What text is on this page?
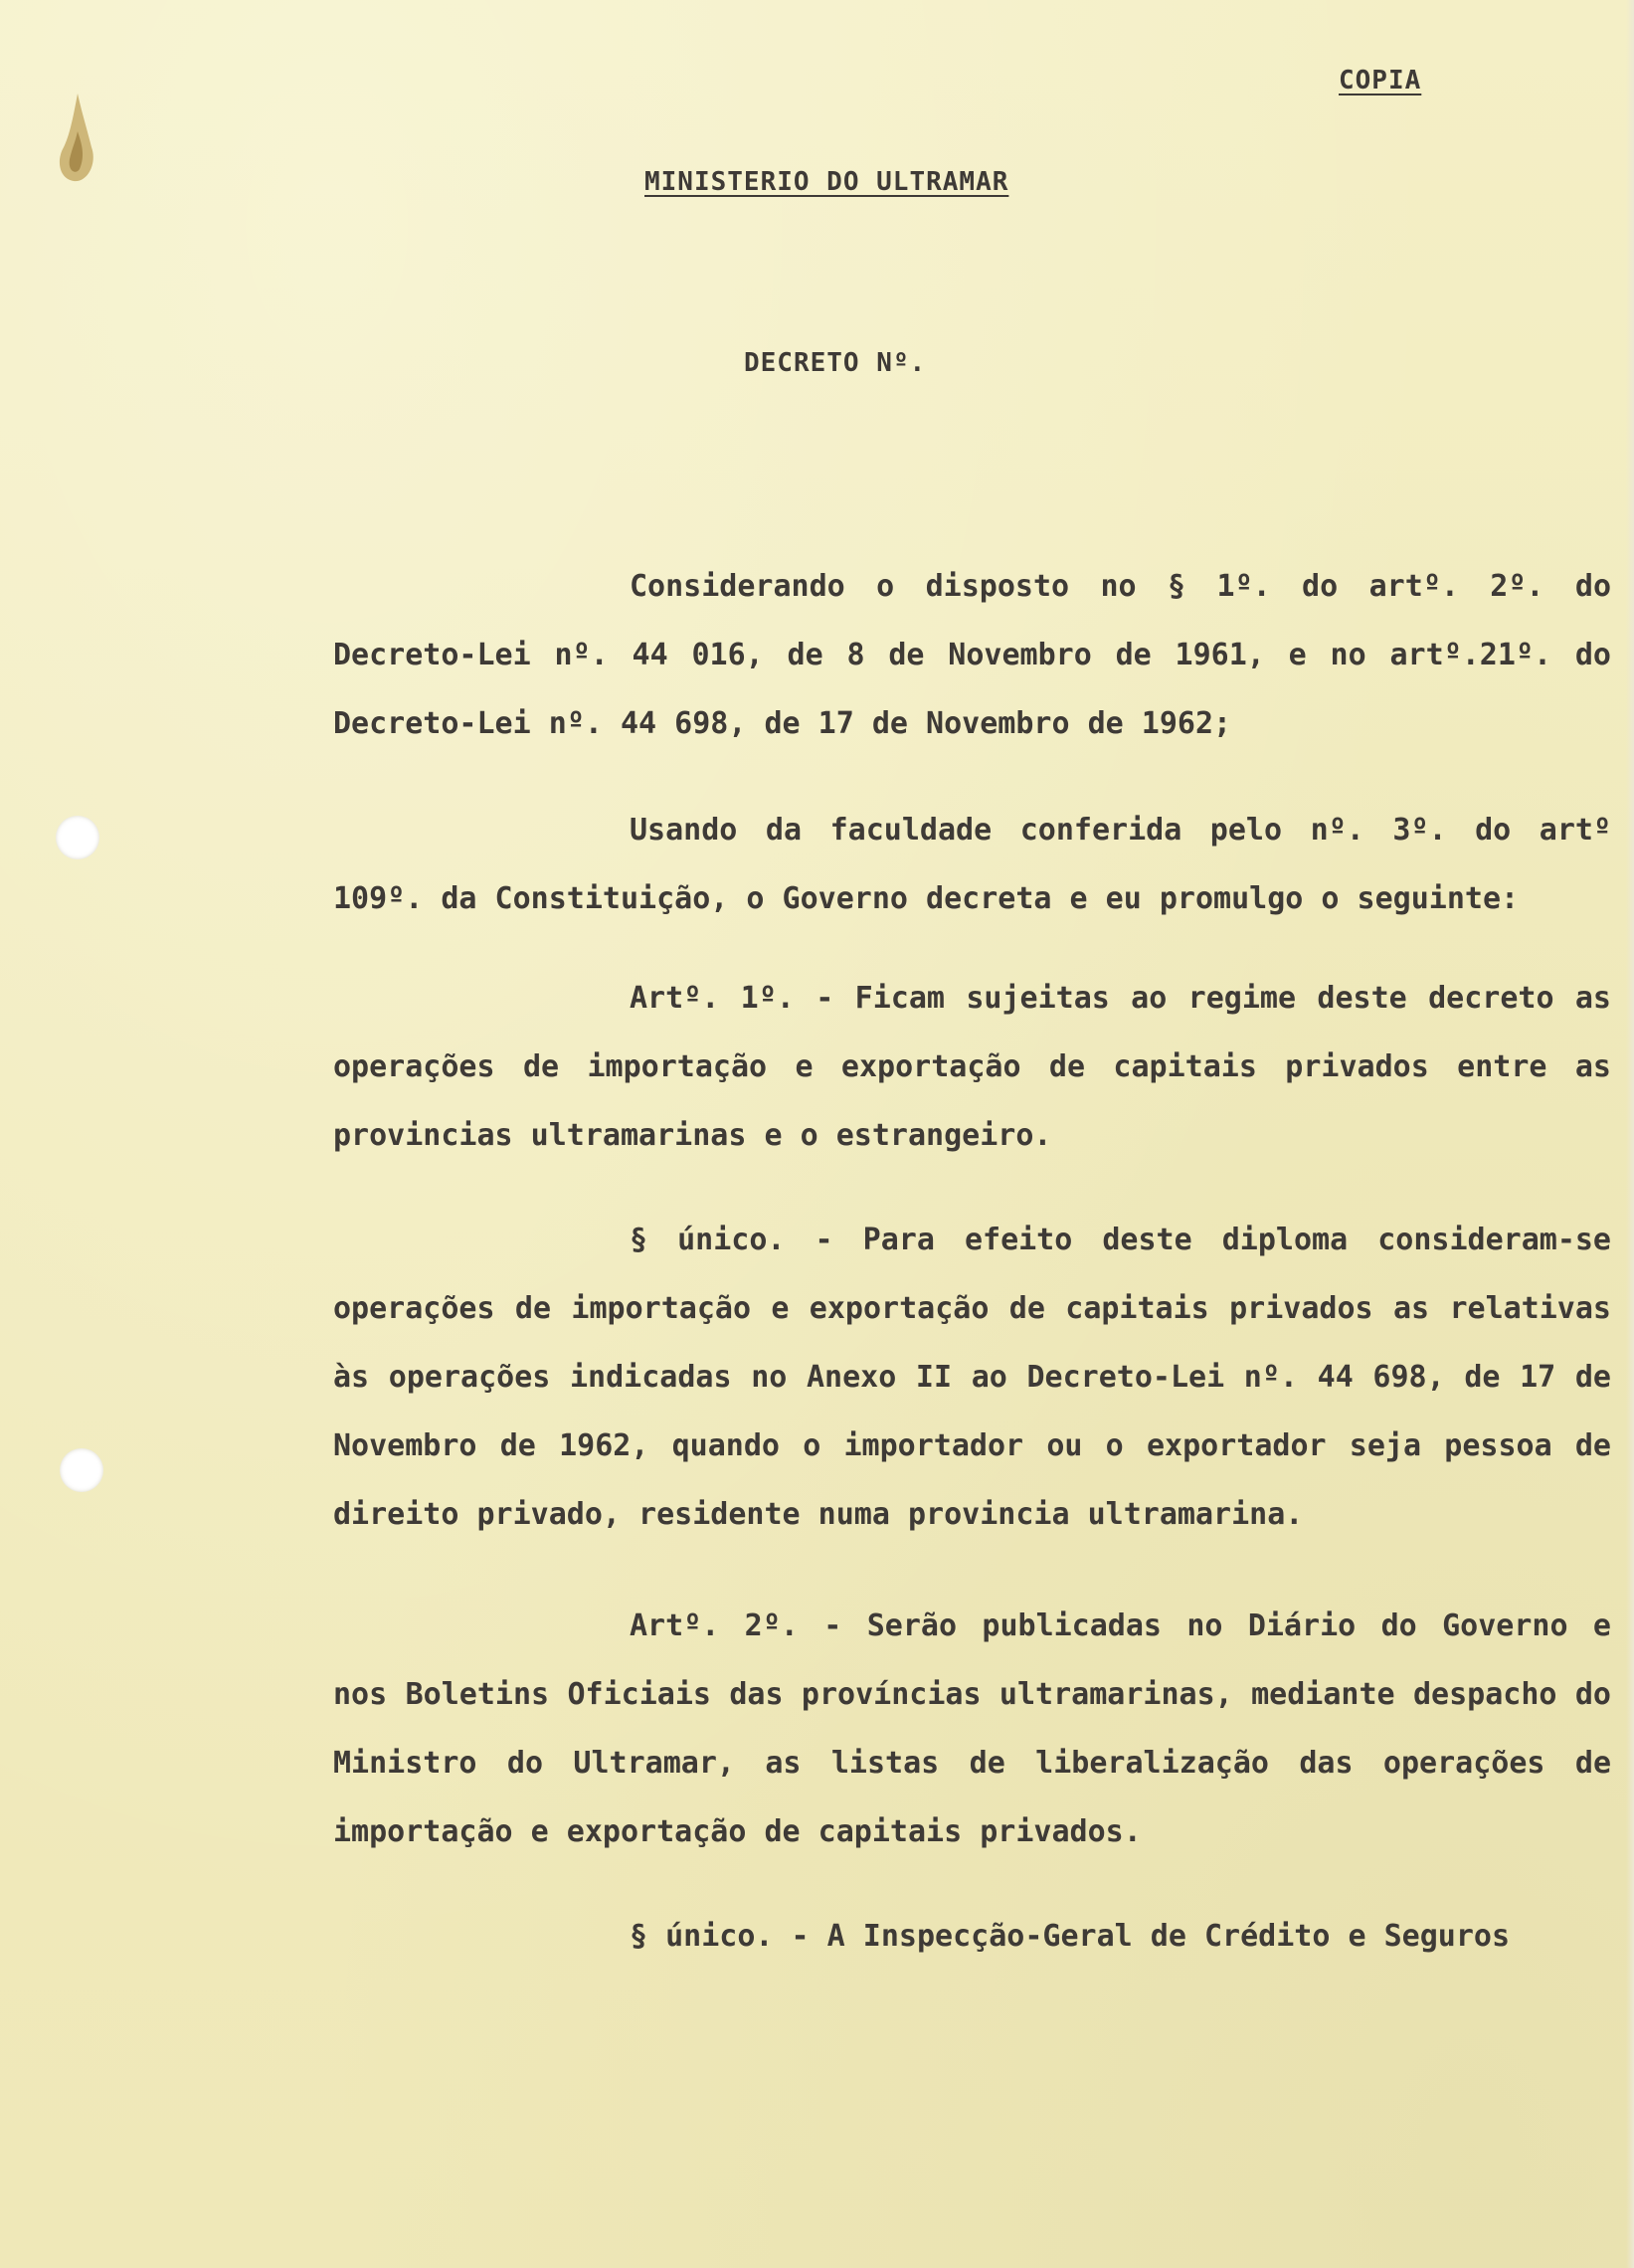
COPIA
MINISTERIO DO ULTRAMAR
DECRETO Nº.

Considerando o disposto no § 1º. do artº. 2º. do Decreto-Lei nº. 44 016, de 8 de Novembro de 1961, e no artº.21º. do Decreto-Lei nº. 44 698, de 17 de Novembro de 1962;

Usando da faculdade conferida pelo nº. 3º. do artº 109º. da Constituição, o Governo decreta e eu promulgo o seguinte:

Artº. 1º. - Ficam sujeitas ao regime deste decreto as operações de importação e exportação de capitais privados entre as provincias ultramarinas e o estrangeiro.

§ único. - Para efeito deste diploma consideram-se operações de importação e exportação de capitais privados as relativas às operações indicadas no Anexo II ao Decreto-Lei nº. 44 698, de 17 de Novembro de 1962, quando o importador ou o exportador seja pessoa de direito privado, residente numa provincia ultramarina.

Artº. 2º. - Serão publicadas no Diário do Governo e nos Boletins Oficiais das províncias ultramarinas, mediante despacho do Ministro do Ultramar, as listas de liberalização das operações de importação e exportação de capitais privados.

§ único. - A Inspecção-Geral de Crédito e Seguros
